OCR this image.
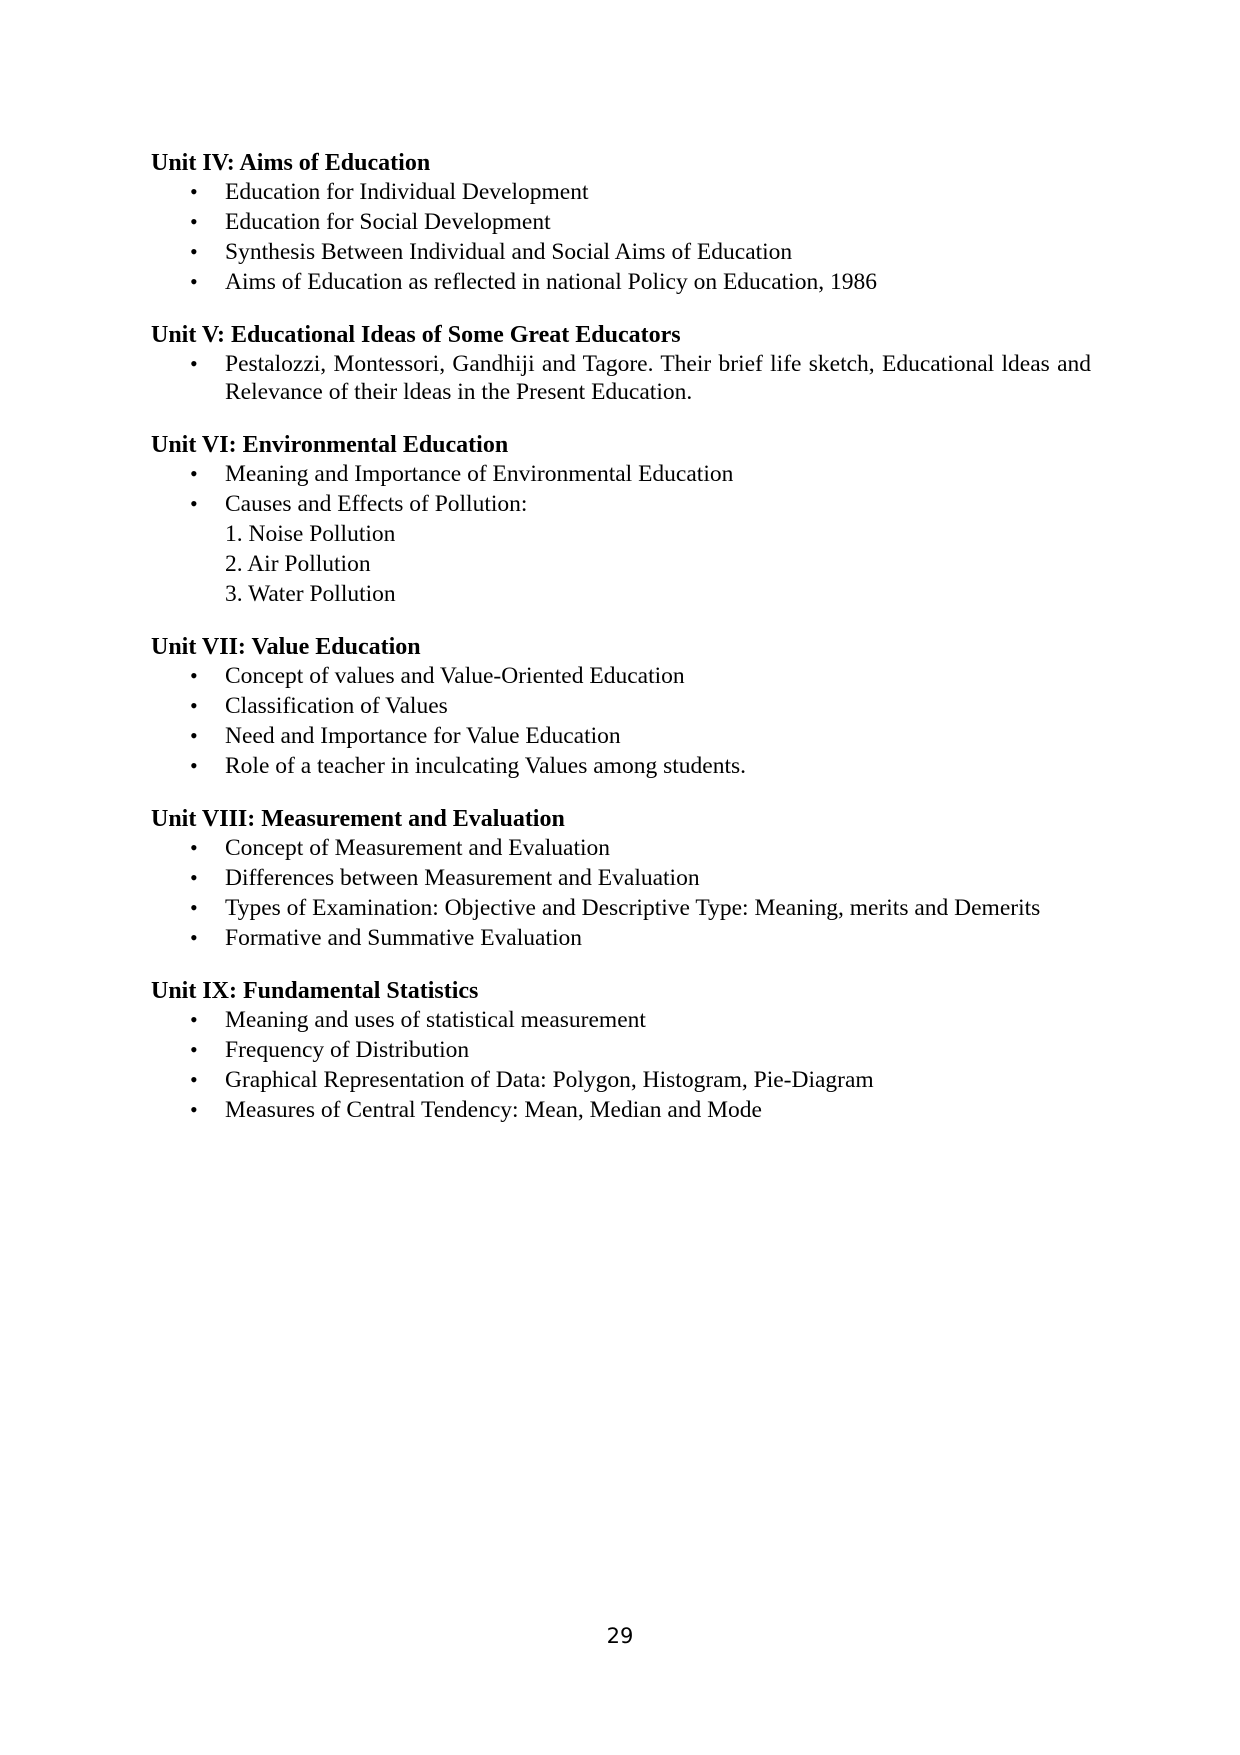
Unit IV: Aims of Education
• Education for Individual Development
• Education for Social Development
• Synthesis Between Individual and Social Aims of Education
• Aims of Education as reflected in national Policy on Education, 1986
Unit V: Educational Ideas of Some Great Educators
• Pestalozzi, Montessori, Gandhiji and Tagore. Their brief life sketch, Educational ldeas and Relevance of their ldeas in the Present Education.
Unit VI: Environmental Education
• Meaning and Importance of Environmental Education
• Causes and Effects of Pollution:
1. Noise Pollution
2. Air Pollution
3. Water Pollution
Unit VII: Value Education
• Concept of values and Value-Oriented Education
• Classification of Values
• Need and Importance for Value Education
• Role of a teacher in inculcating Values among students.
Unit VIII: Measurement and Evaluation
• Concept of Measurement and Evaluation
• Differences between Measurement and Evaluation
• Types of Examination: Objective and Descriptive Type: Meaning, merits and Demerits
• Formative and Summative Evaluation
Unit IX: Fundamental Statistics
• Meaning and uses of statistical measurement
• Frequency of Distribution
• Graphical Representation of Data: Polygon, Histogram, Pie-Diagram
• Measures of Central Tendency: Mean, Median and Mode
29
